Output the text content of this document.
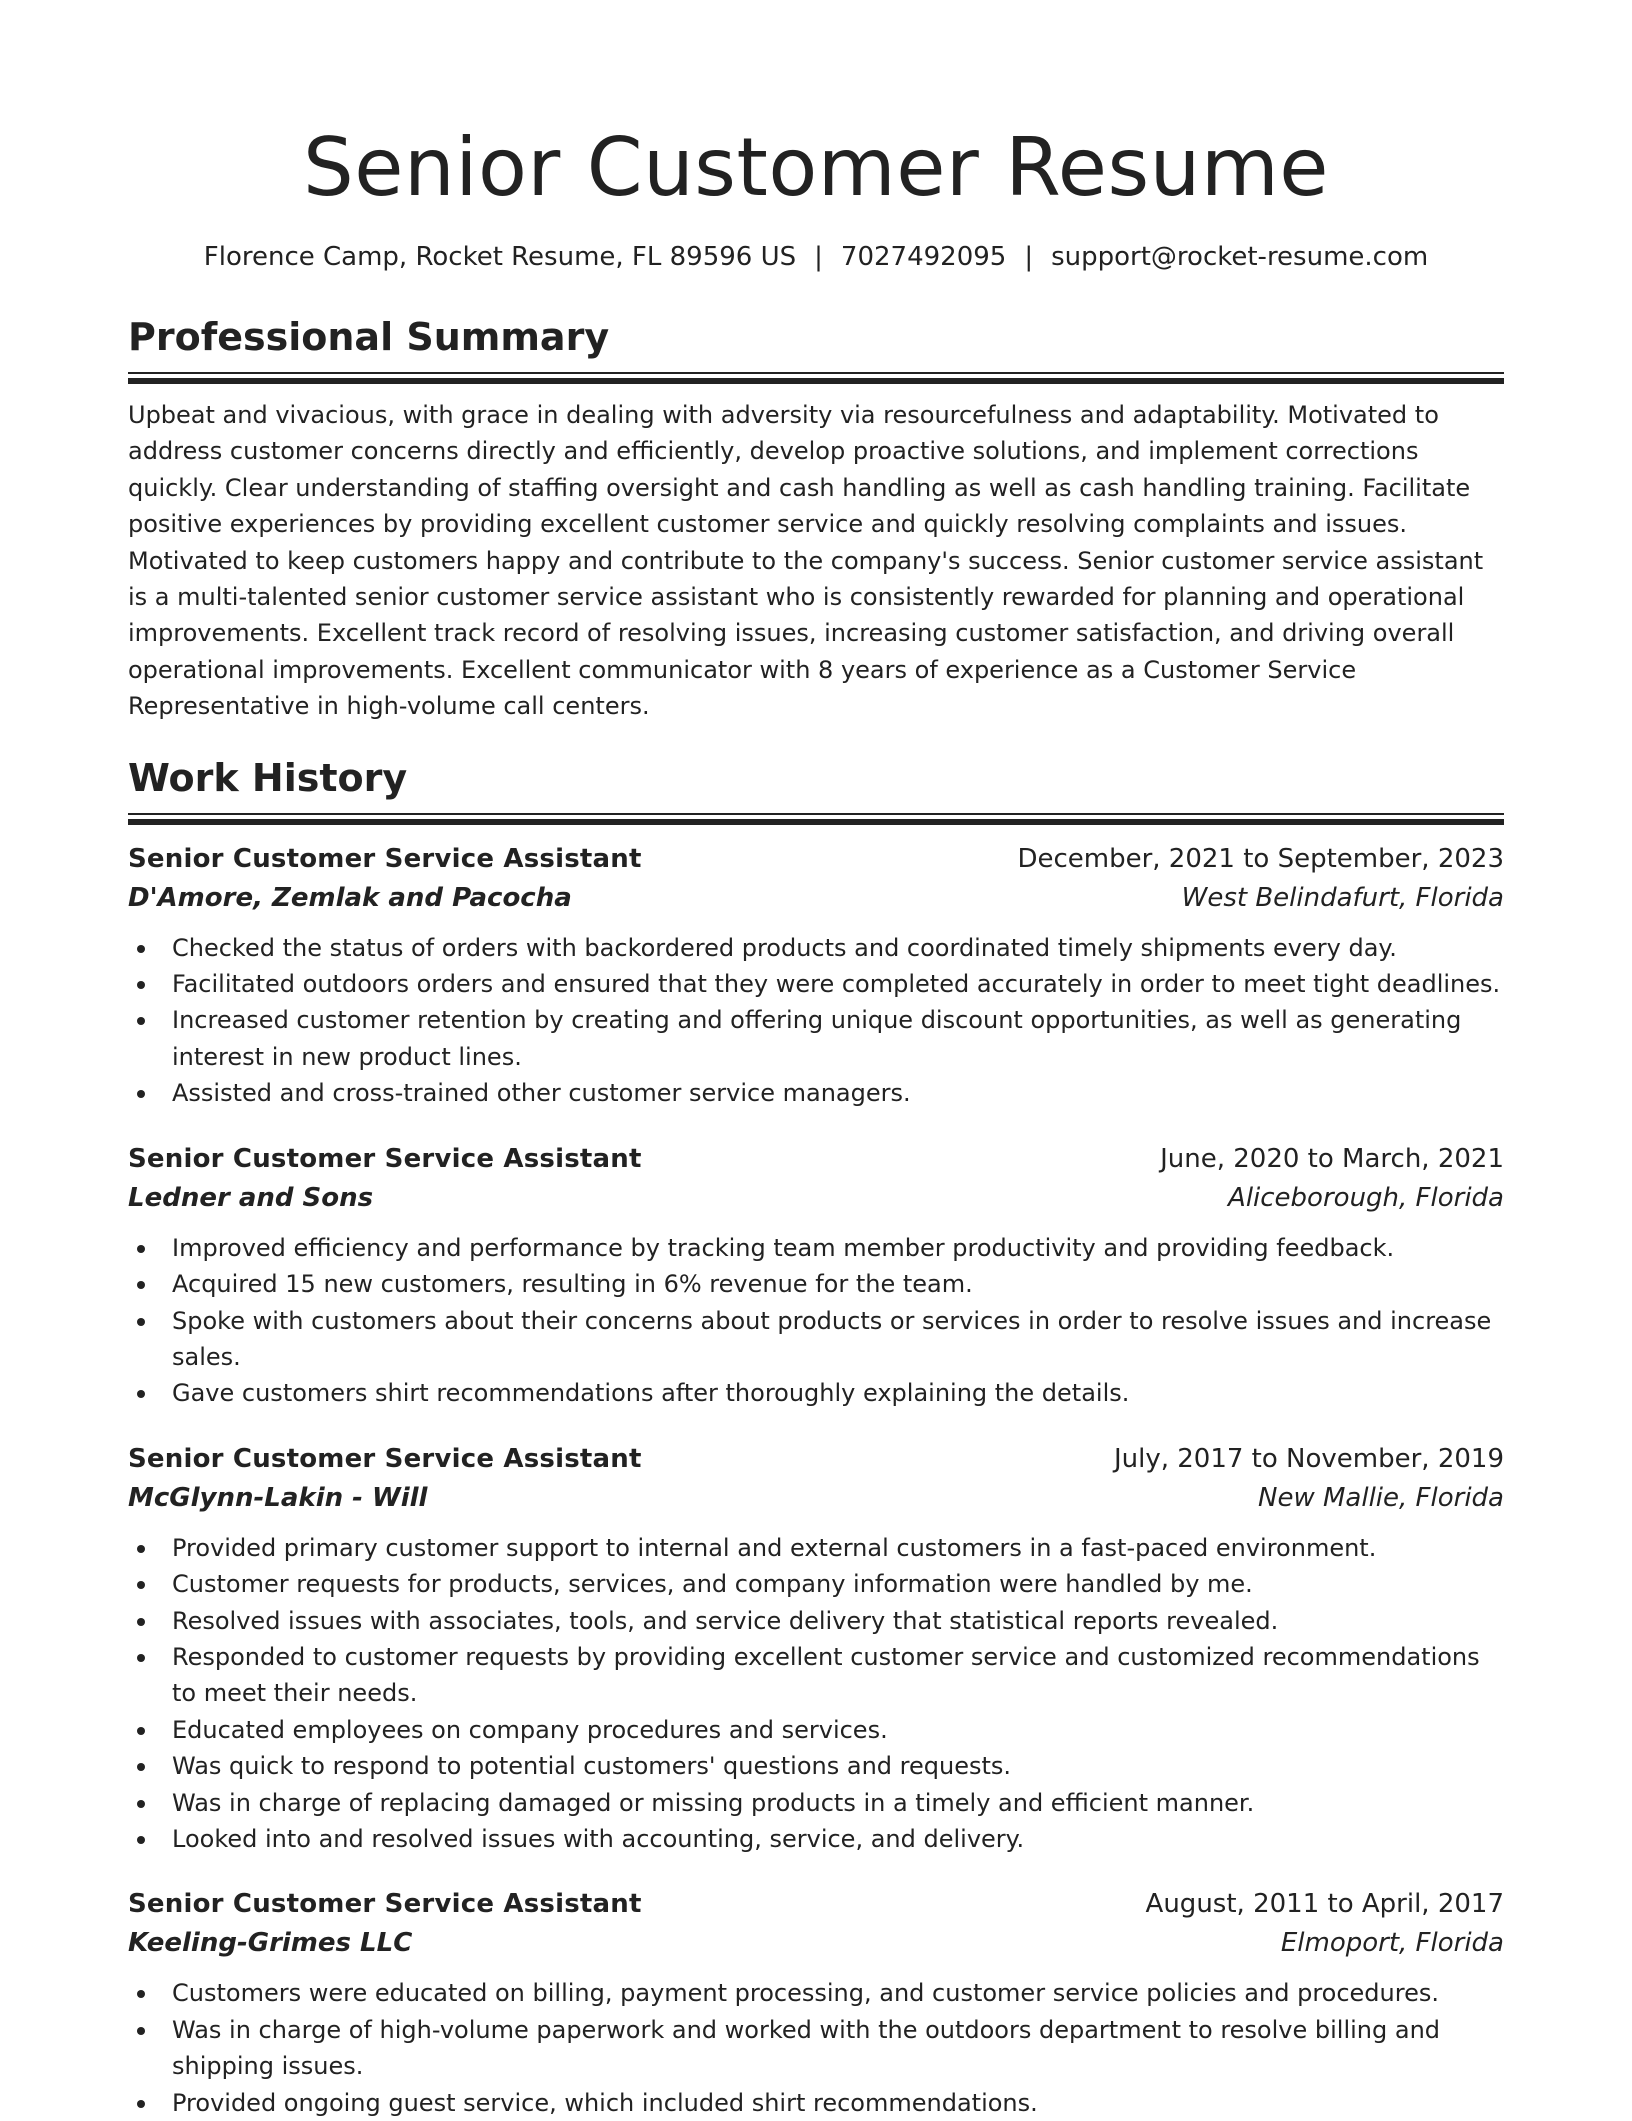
Senior Customer Resume
Florence Camp, Rocket Resume, FL 89596 US | 7027492095 | support@rocket-resume.com
Professional Summary
Upbeat and vivacious, with grace in dealing with adversity via resourcefulness and adaptability. Motivated to address customer concerns directly and efficiently, develop proactive solutions, and implement corrections quickly. Clear understanding of staffing oversight and cash handling as well as cash handling training. Facilitate positive experiences by providing excellent customer service and quickly resolving complaints and issues. Motivated to keep customers happy and contribute to the company's success. Senior customer service assistant is a multi-talented senior customer service assistant who is consistently rewarded for planning and operational improvements. Excellent track record of resolving issues, increasing customer satisfaction, and driving overall operational improvements. Excellent communicator with 8 years of experience as a Customer Service Representative in high-volume call centers.
Work History
Senior Customer Service Assistant	December, 2021 to September, 2023
D'Amore, Zemlak and Pacocha	West Belindafurt, Florida
Checked the status of orders with backordered products and coordinated timely shipments every day.
Facilitated outdoors orders and ensured that they were completed accurately in order to meet tight deadlines.
Increased customer retention by creating and offering unique discount opportunities, as well as generating interest in new product lines.
Assisted and cross-trained other customer service managers.
Senior Customer Service Assistant	June, 2020 to March, 2021
Ledner and Sons	Aliceborough, Florida
Improved efficiency and performance by tracking team member productivity and providing feedback.
Acquired 15 new customers, resulting in 6% revenue for the team.
Spoke with customers about their concerns about products or services in order to resolve issues and increase sales.
Gave customers shirt recommendations after thoroughly explaining the details.
Senior Customer Service Assistant	July, 2017 to November, 2019
McGlynn-Lakin - Will	New Mallie, Florida
Provided primary customer support to internal and external customers in a fast-paced environment.
Customer requests for products, services, and company information were handled by me.
Resolved issues with associates, tools, and service delivery that statistical reports revealed.
Responded to customer requests by providing excellent customer service and customized recommendations to meet their needs.
Educated employees on company procedures and services.
Was quick to respond to potential customers' questions and requests.
Was in charge of replacing damaged or missing products in a timely and efficient manner.
Looked into and resolved issues with accounting, service, and delivery.
Senior Customer Service Assistant	August, 2011 to April, 2017
Keeling-Grimes LLC	Elmoport, Florida
Customers were educated on billing, payment processing, and customer service policies and procedures.
Was in charge of high-volume paperwork and worked with the outdoors department to resolve billing and shipping issues.
Provided ongoing guest service, which included shirt recommendations.
